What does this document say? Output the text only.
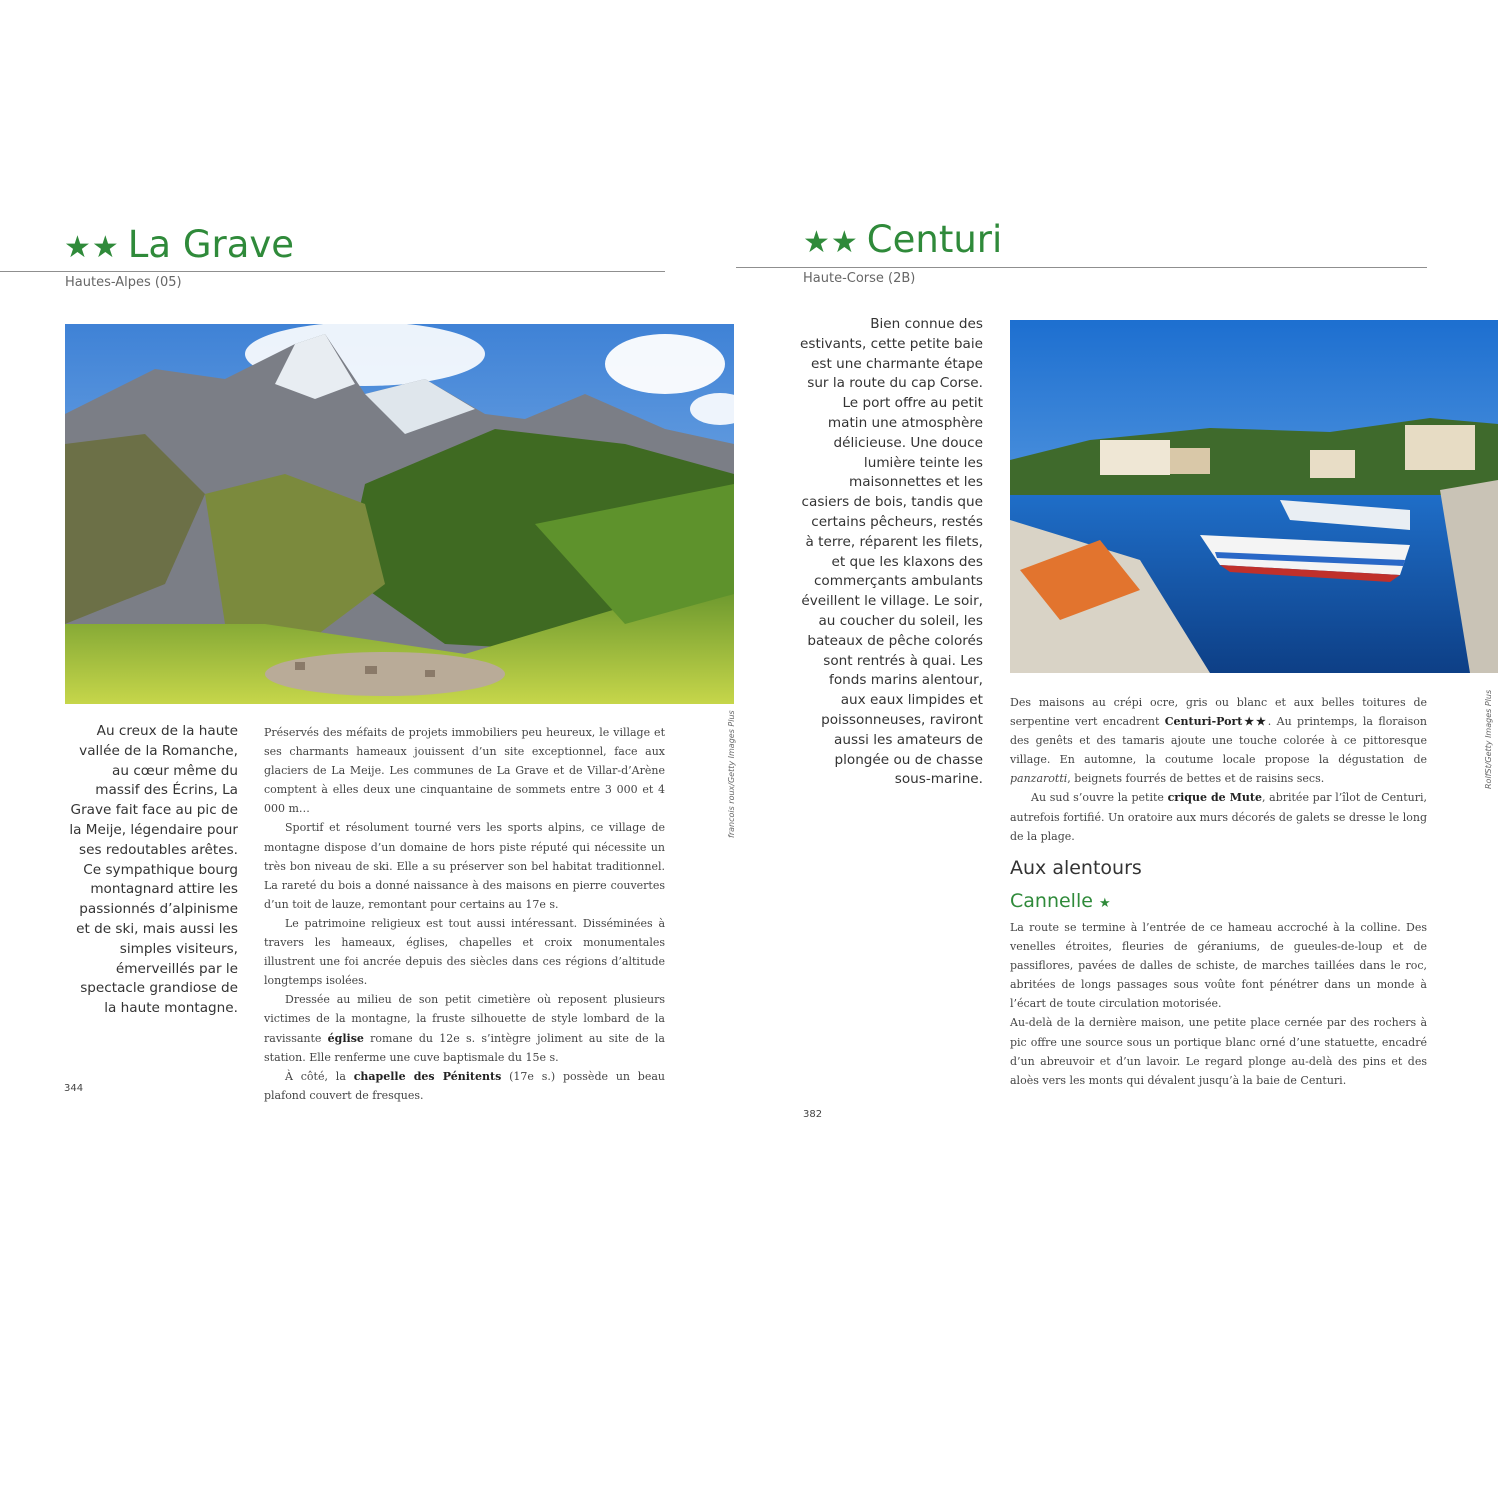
★★ La Grave
Hautes-Alpes (05)
francois roux/Getty Images Plus
Au creux de la haute vallée de la Romanche, au cœur même du massif des Écrins, La Grave fait face au pic de la Meije, légendaire pour ses redoutables arêtes. Ce sympathique bourg montagnard attire les passionnés d’alpinisme et de ski, mais aussi les simples visiteurs, émerveillés par le spectacle grandiose de la haute montagne.

Préservés des méfaits de projets immobiliers peu heureux, le village et ses charmants hameaux jouissent d’un site exceptionnel, face aux glaciers de La Meije. Les communes de La Grave et de Villar-d’Arène comptent à elles deux une cinquantaine de sommets entre 3 000 et 4 000 m…

Sportif et résolument tourné vers les sports alpins, ce village de montagne dispose d’un domaine de hors piste réputé qui nécessite un très bon niveau de ski. Elle a su préserver son bel habitat traditionnel. La rareté du bois a donné naissance à des maisons en pierre couvertes d’un toit de lauze, remontant pour certains au 17e s.

Le patrimoine religieux est tout aussi intéressant. Disséminées à travers les hameaux, églises, chapelles et croix monumentales illustrent une foi ancrée depuis des siècles dans ces régions d’altitude longtemps isolées.

Dressée au milieu de son petit cimetière où reposent plusieurs victimes de la montagne, la fruste silhouette de style lombard de la ravissante église romane du 12e s. s’intègre joliment au site de la station. Elle renferme une cuve baptismale du 15e s.

À côté, la chapelle des Pénitents (17e s.) possède un beau plafond couvert de fresques.

344
★★ Centuri
Haute-Corse (2B)
Bien connue des estivants, cette petite baie est une charmante étape sur la route du cap Corse. Le port offre au petit matin une atmosphère délicieuse. Une douce lumière teinte les maisonnettes et les casiers de bois, tandis que certains pêcheurs, restés à terre, réparent les filets, et que les klaxons des commerçants ambulants éveillent le village. Le soir, au coucher du soleil, les bateaux de pêche colorés sont rentrés à quai. Les fonds marins alentour, aux eaux limpides et poissonneuses, raviront aussi les amateurs de plongée ou de chasse sous-marine.	RolfSt/Getty Images Plus

Des maisons au crépi ocre, gris ou blanc et aux belles toitures de serpentine vert encadrent Centuri-Port★★. Au printemps, la floraison des genêts et des tamaris ajoute une touche colorée à ce pittoresque village. En automne, la coutume locale propose la dégustation de panzarotti, beignets fourrés de bettes et de raisins secs.

Au sud s’ouvre la petite crique de Mute, abritée par l’îlot de Centuri, autrefois fortifié. Un oratoire aux murs décorés de galets se dresse le long de la plage.

Aux alentours
Cannelle ★

La route se termine à l’entrée de ce hameau accroché à la colline. Des venelles étroites, fleuries de géraniums, de gueules-de-loup et de passiflores, pavées de dalles de schiste, de marches taillées dans le roc, abritées de longs passages sous voûte font pénétrer dans un monde à l’écart de toute circulation motorisée.

Au-delà de la dernière maison, une petite place cernée par des rochers à pic offre une source sous un portique blanc orné d’une statuette, encadré d’un abreuvoir et d’un lavoir. Le regard plonge au-delà des pins et des aloès vers les monts qui dévalent jusqu’à la baie de Centuri.

382
